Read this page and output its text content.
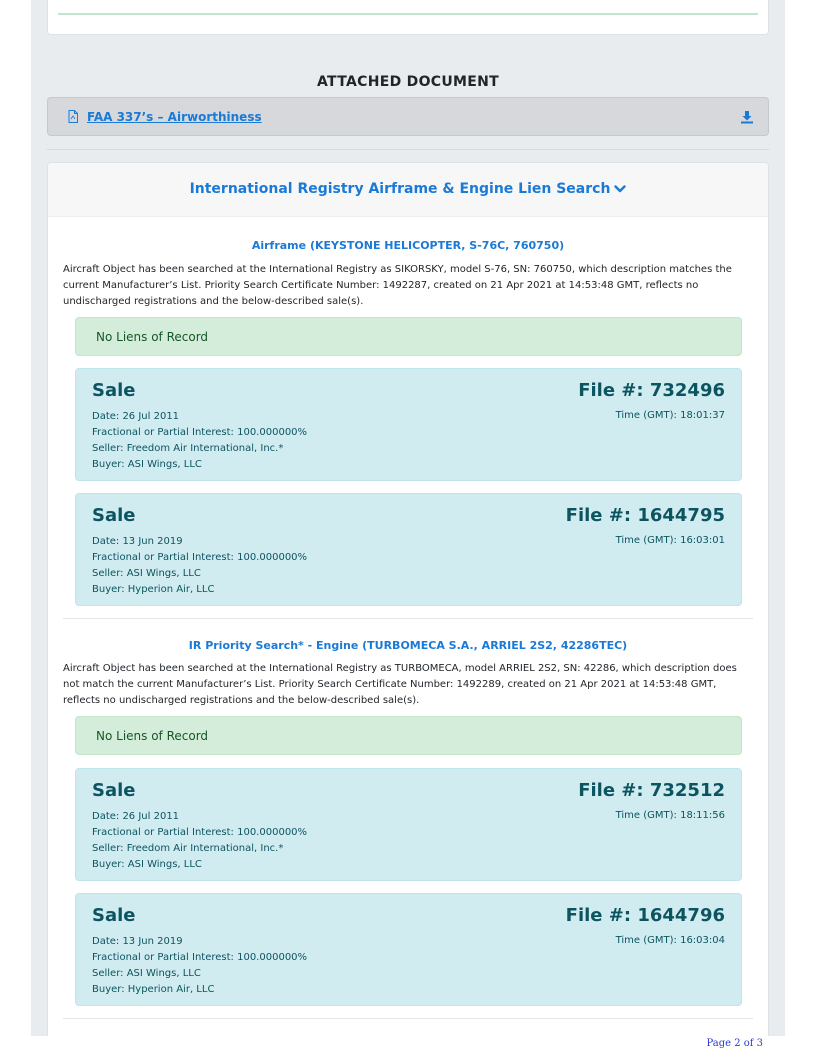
ATTACHED DOCUMENT
FAA 337’s – Airworthiness
International Registry Airframe & Engine Lien Search
Airframe (KEYSTONE HELICOPTER, S-76C, 760750)
Aircraft Object has been searched at the International Registry as SIKORSKY, model S-76, SN: 760750, which description matches the current Manufacturer’s List. Priority Search Certificate Number: 1492287, created on 21 Apr 2021 at 14:53:48 GMT, reflects no undischarged registrations and the below-described sale(s).
No Liens of Record
Sale	File #: 732496
Time (GMT): 18:01:37
Date: 26 Jul 2011
Fractional or Partial Interest: 100.000000%
Seller: Freedom Air International, Inc.*
Buyer: ASI Wings, LLC
Sale	File #: 1644795
Time (GMT): 16:03:01
Date: 13 Jun 2019
Fractional or Partial Interest: 100.000000%
Seller: ASI Wings, LLC
Buyer: Hyperion Air, LLC
IR Priority Search* - Engine (TURBOMECA S.A., ARRIEL 2S2, 42286TEC)
Aircraft Object has been searched at the International Registry as TURBOMECA, model ARRIEL 2S2, SN: 42286, which description does not match the current Manufacturer’s List. Priority Search Certificate Number: 1492289, created on 21 Apr 2021 at 14:53:48 GMT, reflects no undischarged registrations and the below-described sale(s).
No Liens of Record
Sale	File #: 732512
Time (GMT): 18:11:56
Date: 26 Jul 2011
Fractional or Partial Interest: 100.000000%
Seller: Freedom Air International, Inc.*
Buyer: ASI Wings, LLC
Sale	File #: 1644796
Time (GMT): 16:03:04
Date: 13 Jun 2019
Fractional or Partial Interest: 100.000000%
Seller: ASI Wings, LLC
Buyer: Hyperion Air, LLC
Page 2 of 3
